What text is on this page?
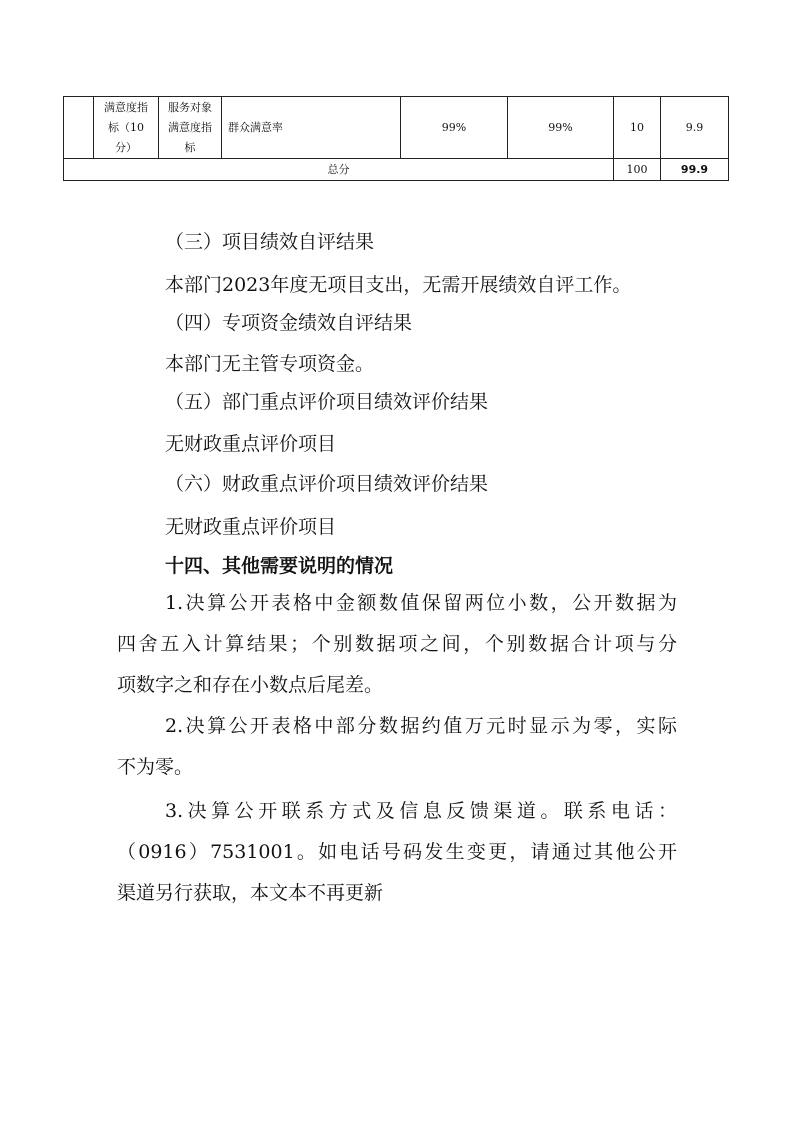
	满意度指标（10分）	服务对象满意度指标	群众满意率	99%	99%	10	9.9
总分						100	99.9

（三）项目绩效自评结果

本部门2023年度无项目支出，无需开展绩效自评工作。

（四）专项资金绩效自评结果

本部门无主管专项资金。

（五）部门重点评价项目绩效评价结果

无财政重点评价项目

（六）财政重点评价项目绩效评价结果

无财政重点评价项目

十四、其他需要说明的情况

1.决算公开表格中金额数值保留两位小数，公开数据为
四舍五入计算结果；个别数据项之间，个别数据合计项与分
项数字之和存在小数点后尾差。
2.决算公开表格中部分数据约值万元时显示为零，实际
不为零。
3.决算公开联系方式及信息反馈渠道。联系电话：
（0916）7531001。如电话号码发生变更，请通过其他公开
渠道另行获取，本文本不再更新
